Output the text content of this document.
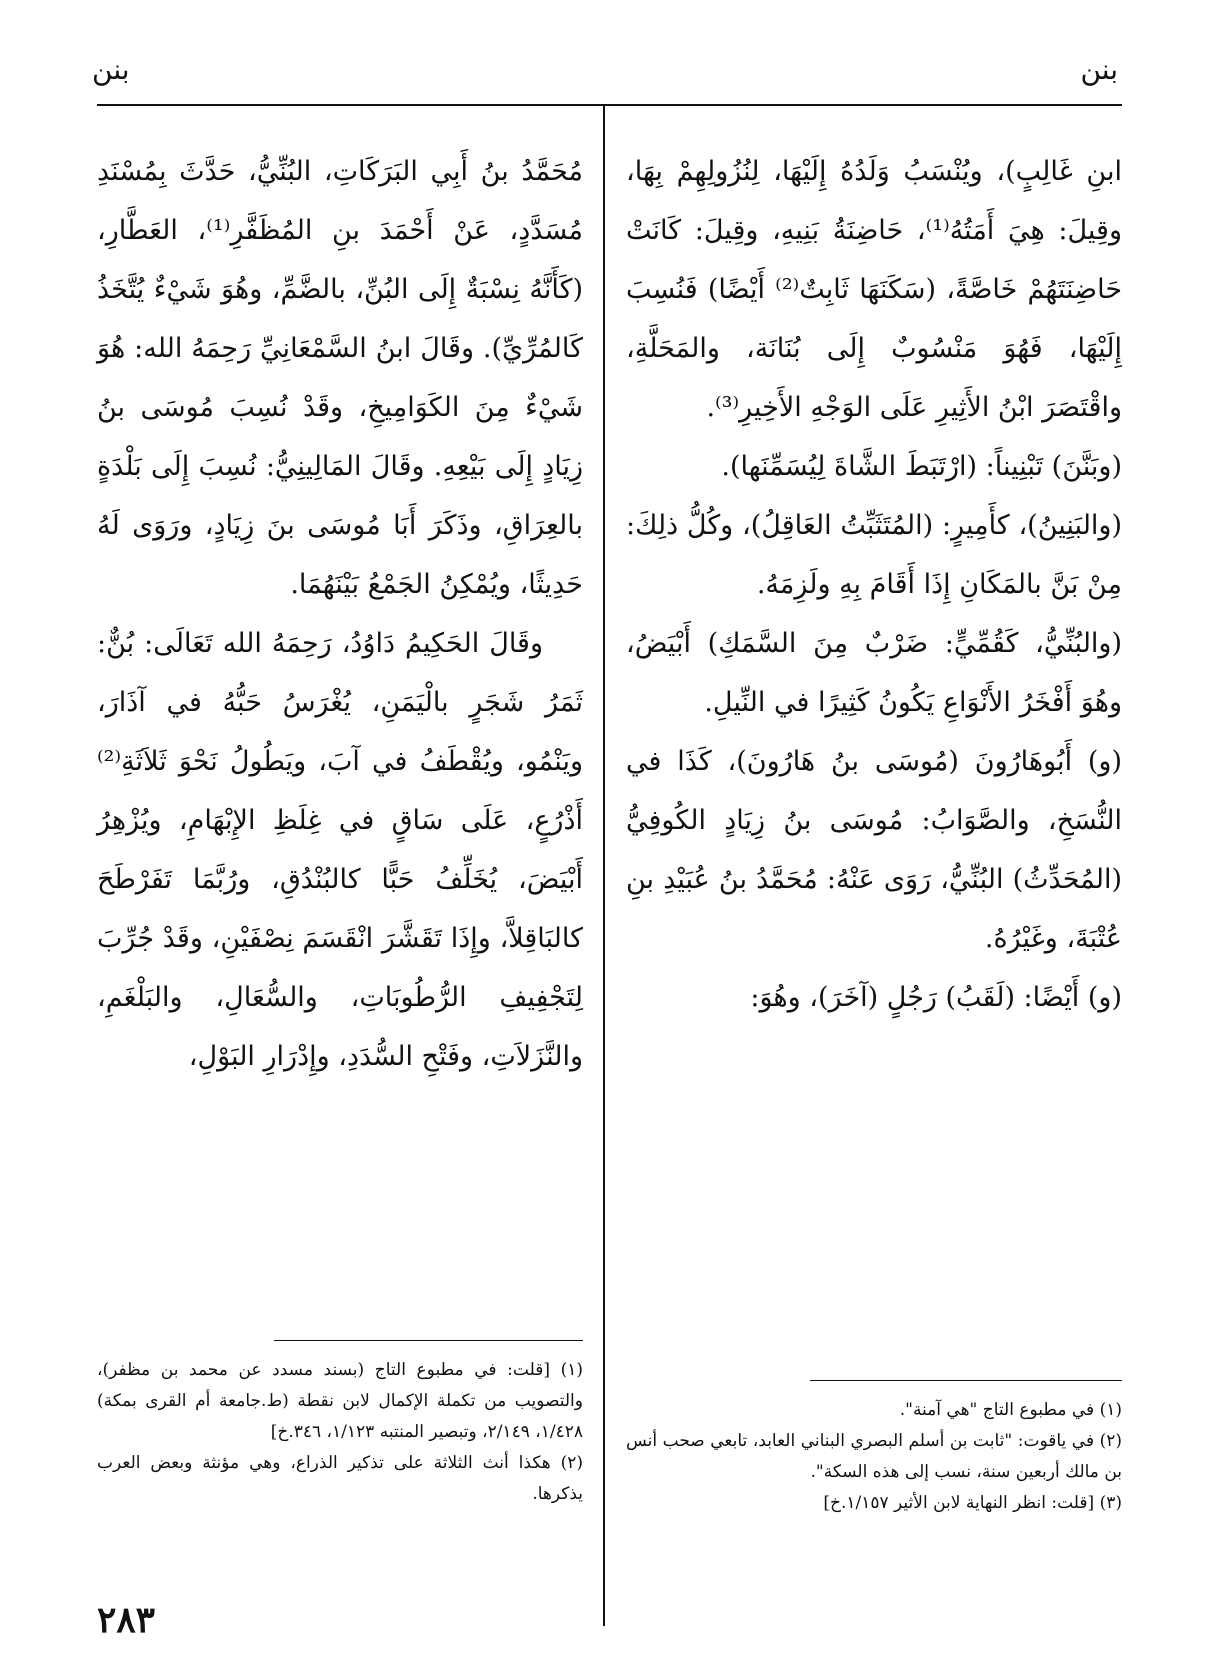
بنن
بنن

ابنِ غَالِبٍ)، ويُنْسَبُ وَلَدُهُ إِلَيْهَا، لِنُزُولِهِمْ بِهَا، وقِيلَ: هِيَ أَمَتُهُ⁽¹⁾، حَاضِنَةُ بَنِيهِ، وقِيلَ: كَانَتْ حَاضِنَتَهُمْ خَاصَّةً، (سَكَنَهَا ثَابِتٌ⁽²⁾ أَيْضًا) فَنُسِبَ إِلَيْهَا، فَهُوَ مَنْسُوبٌ إِلَى بُنَانَة، والمَحَلَّةِ، واقْتَصَرَ ابْنُ الأَثِيرِ عَلَى الوَجْهِ الأَخِيرِ⁽³⁾.

(وبَنَّنَ) تَبْنِيناً: (ارْتَبَطَ الشَّاةَ لِيُسَمِّنَها).

(والبَنِينُ)، كأَمِيرٍ: (المُتَثَبِّتُ العَاقِلُ)، وكُلُّ ذلِكَ: مِنْ بَنَّ بالمَكَانِ إِذَا أَقَامَ بِهِ ولَزِمَهُ.

(والبُنِّيُّ، كَقُمِّيٍّ: ضَرْبٌ مِنَ السَّمَكِ) أَبْيَضُ، وهُوَ أَفْخَرُ الأَنْوَاعِ يَكُونُ كَثِيرًا في النِّيلِ.

(و) أَبُوهَارُونَ (مُوسَى بنُ هَارُونَ)، كَذَا في النُّسَخِ، والصَّوَابُ: مُوسَى بنُ زِيَادٍ الكُوفِيُّ (المُحَدِّثُ) البُنِّيُّ، رَوَى عَنْهُ: مُحَمَّدُ بنُ عُبَيْدِ بنِ عُتْبَةَ، وغَيْرُهُ.

(و) أَيْضًا: (لَقَبُ) رَجُلٍ (آخَرَ)، وهُوَ:

مُحَمَّدُ بنُ أَبِي البَرَكَاتِ، البُنِّيُّ، حَدَّثَ بِمُسْنَدِ مُسَدَّدٍ، عَنْ أَحْمَدَ بنِ المُظَفَّرِ⁽¹⁾، العَطَّارِ، (كَأَنَّهُ نِسْبَةٌ إِلَى البُنِّ، بالضَّمِّ، وهُوَ شَيْءٌ يُتَّخَذُ كَالمُرِّيِّ). وقَالَ ابنُ السَّمْعَانِيِّ رَحِمَهُ الله: هُوَ شَيْءٌ مِنَ الكَوَامِيخِ، وقَدْ نُسِبَ مُوسَى بنُ زِيَادٍ إِلَى بَيْعِهِ. وقَالَ المَالِينِيُّ: نُسِبَ إِلَى بَلْدَةٍ بالعِرَاقِ، وذَكَرَ أَبَا مُوسَى بنَ زِيَادٍ، ورَوَى لَهُ حَدِيثًا، ويُمْكِنُ الجَمْعُ بَيْنَهُمَا.

وقَالَ الحَكِيمُ دَاوُدُ، رَحِمَهُ الله تَعَالَى: بُنٌّ: ثَمَرُ شَجَرٍ بالْيَمَنِ، يُغْرَسُ حَبُّهُ في آذَارَ، ويَنْمُو، ويُقْطَفُ في آبَ، ويَطُولُ نَحْوَ ثَلاَثَةِ⁽²⁾ أَذْرُعٍ، عَلَى سَاقٍ في غِلَظِ الإِبْهَامِ، ويُزْهِرُ أَبْيَضَ، يُخَلِّفُ حَبًّا كالبُنْدُقِ، ورُبَّمَا تَفَرْطَحَ كالبَاقِلاَّ، وإِذَا تَقَشَّرَ انْقَسَمَ نِصْفَيْنِ، وقَدْ جُرِّبَ لِتَجْفِيفِ الرُّطُوبَاتِ، والسُّعَالِ، والبَلْغَمِ، والنَّزَلاَتِ، وفَتْحِ السُّدَدِ، وإِدْرَارِ البَوْلِ،

(١) في مطبوع التاج "هي آمنة".

(٢) في ياقوت: "ثابت بن أسلم البصري البناني العابد، تابعي صحب أنس بن مالك أربعين سنة، نسب إلى هذه السكة".

(٣) [قلت: انظر النهاية لابن الأثير ١/١٥٧.خ]

(١) [قلت: في مطبوع التاج (بسند مسدد عن محمد بن مظفر)، والتصويب من تكملة الإكمال لابن نقطة (ط.جامعة أم القرى بمكة) ١/٤٢٨، ٢/١٤٩، وتبصير المنتبه ١/١٢٣، ٣٤٦.خ]

(٢) هكذا أنث الثلاثة على تذكير الذراع، وهي مؤنثة وبعض العرب يذكرها.

٢٨٣
